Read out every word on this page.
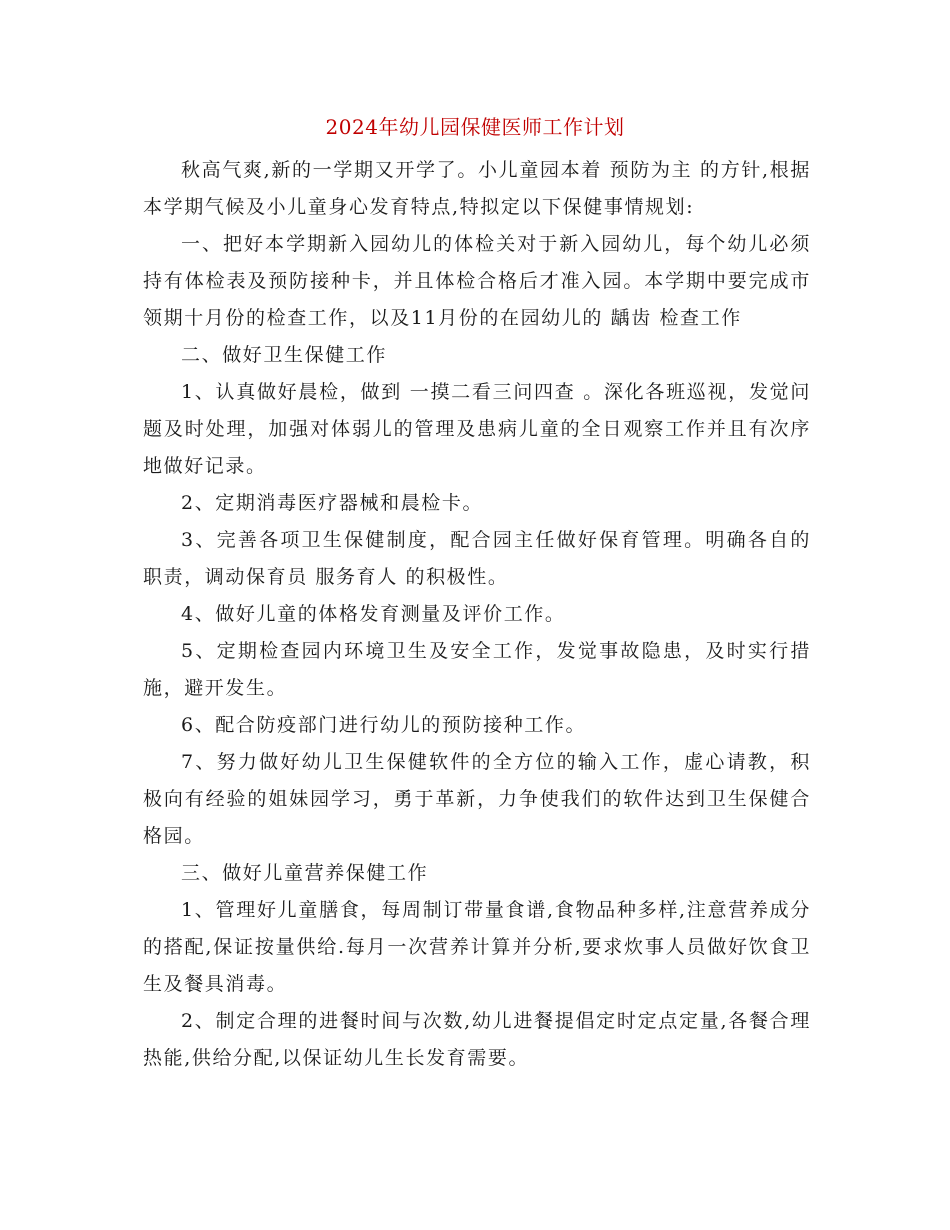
2024年幼儿园保健医师工作计划

秋高气爽,新的一学期又开学了。小儿童园本着 预防为主 的方针,根据本学期气候及小儿童身心发育特点,特拟定以下保健事情规划:

一、把好本学期新入园幼儿的体检关对于新入园幼儿，每个幼儿必须持有体检表及预防接种卡，并且体检合格后才准入园。本学期中要完成市领期十月份的检查工作，以及11月份的在园幼儿的 龋齿 检查工作

二、做好卫生保健工作

1、认真做好晨检，做到 一摸二看三问四查 。深化各班巡视，发觉问题及时处理，加强对体弱儿的管理及患病儿童的全日观察工作并且有次序地做好记录。

2、定期消毒医疗器械和晨检卡。

3、完善各项卫生保健制度，配合园主任做好保育管理。明确各自的职责，调动保育员 服务育人 的积极性。

4、做好儿童的体格发育测量及评价工作。

5、定期检查园内环境卫生及安全工作，发觉事故隐患，及时实行措施，避开发生。

6、配合防疫部门进行幼儿的预防接种工作。

7、努力做好幼儿卫生保健软件的全方位的输入工作，虚心请教，积极向有经验的姐妹园学习，勇于革新，力争使我们的软件达到卫生保健合格园。

三、做好儿童营养保健工作

1、管理好儿童膳食，每周制订带量食谱,食物品种多样,注意营养成分的搭配,保证按量供给.每月一次营养计算并分析,要求炊事人员做好饮食卫生及餐具消毒。

2、制定合理的进餐时间与次数,幼儿进餐提倡定时定点定量,各餐合理热能,供给分配,以保证幼儿生长发育需要。
